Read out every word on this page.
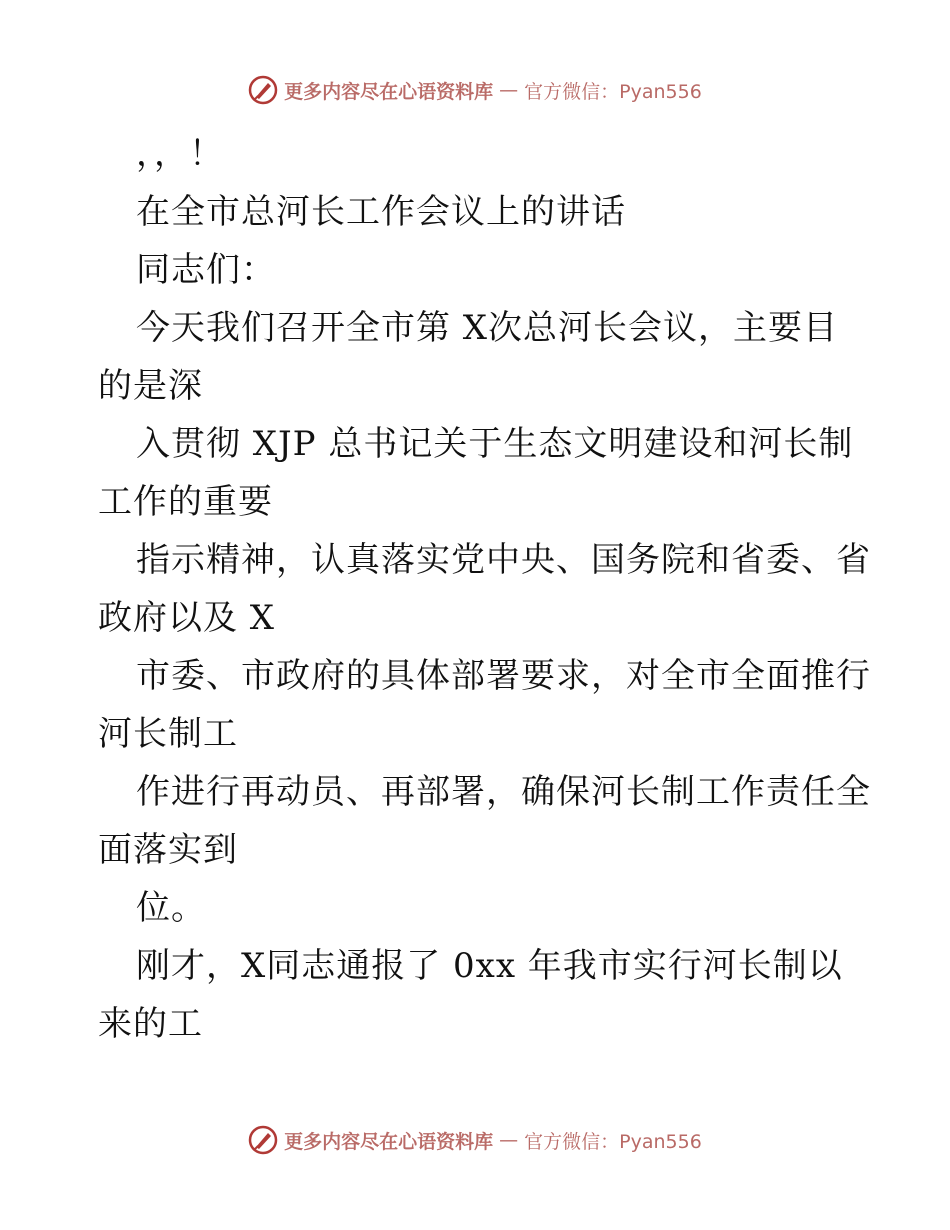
更多内容尽在心语资料库 — 官方微信：Pyan556
，，！
在全市总河长工作会议上的讲话
同志们：
今天我们召开全市第 X次总河长会议，主要目
的是深
入贯彻 XJP 总书记关于生态文明建设和河长制
工作的重要
指示精神，认真落实党中央、国务院和省委、省
政府以及 X
市委、市政府的具体部署要求，对全市全面推行
河长制工
作进行再动员、再部署，确保河长制工作责任全
面落实到
位。
刚才，X同志通报了 0xx 年我市实行河长制以
来的工
更多内容尽在心语资料库 — 官方微信：Pyan556
